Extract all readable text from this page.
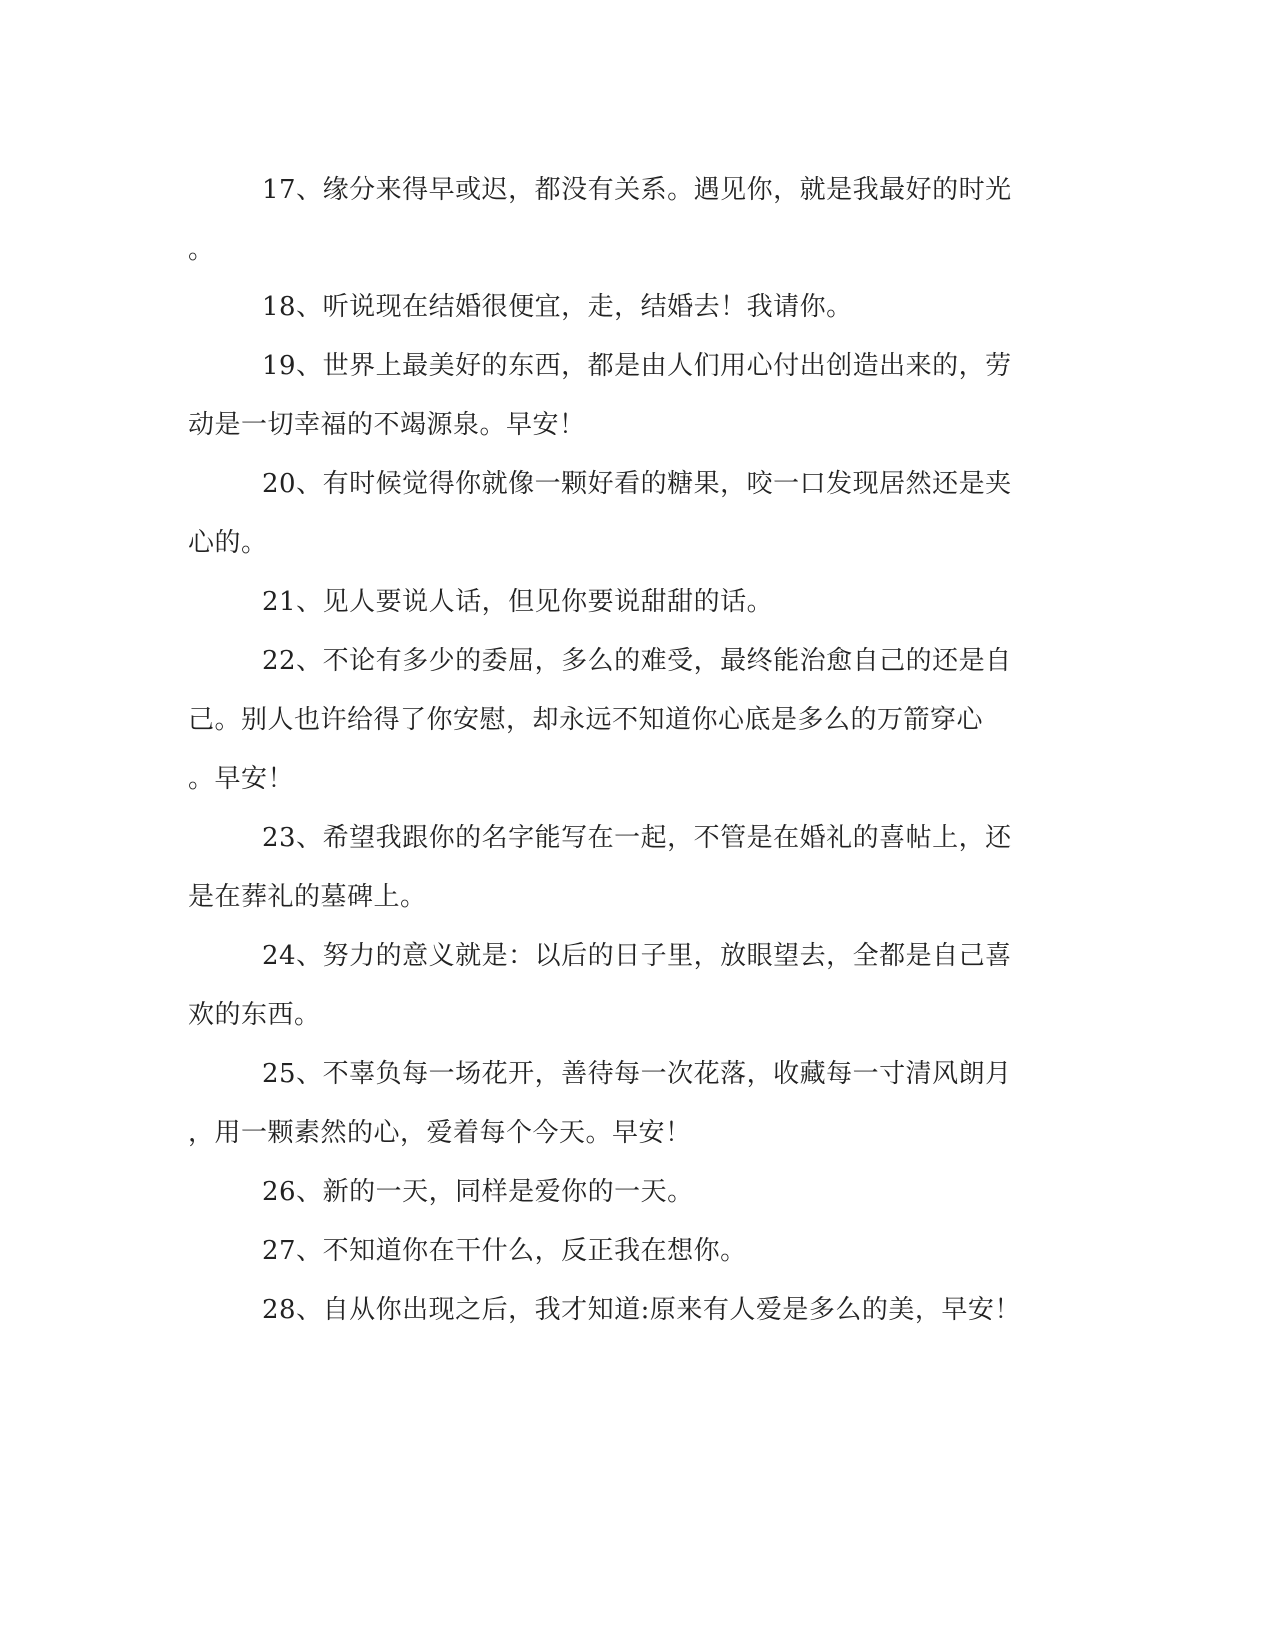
17、缘分来得早或迟，都没有关系。遇见你，就是我最好的时光
。
18、听说现在结婚很便宜，走，结婚去！我请你。
19、世界上最美好的东西，都是由人们用心付出创造出来的，劳
动是一切幸福的不竭源泉。早安！
20、有时候觉得你就像一颗好看的糖果，咬一口发现居然还是夹
心的。
21、见人要说人话，但见你要说甜甜的话。
22、不论有多少的委屈，多么的难受，最终能治愈自己的还是自
己。别人也许给得了你安慰，却永远不知道你心底是多么的万箭穿心
。早安！
23、希望我跟你的名字能写在一起，不管是在婚礼的喜帖上，还
是在葬礼的墓碑上。
24、努力的意义就是：以后的日子里，放眼望去，全都是自己喜
欢的东西。
25、不辜负每一场花开，善待每一次花落，收藏每一寸清风朗月
，用一颗素然的心，爱着每个今天。早安！
26、新的一天，同样是爱你的一天。
27、不知道你在干什么，反正我在想你。
28、自从你出现之后，我才知道:原来有人爱是多么的美，早安！
